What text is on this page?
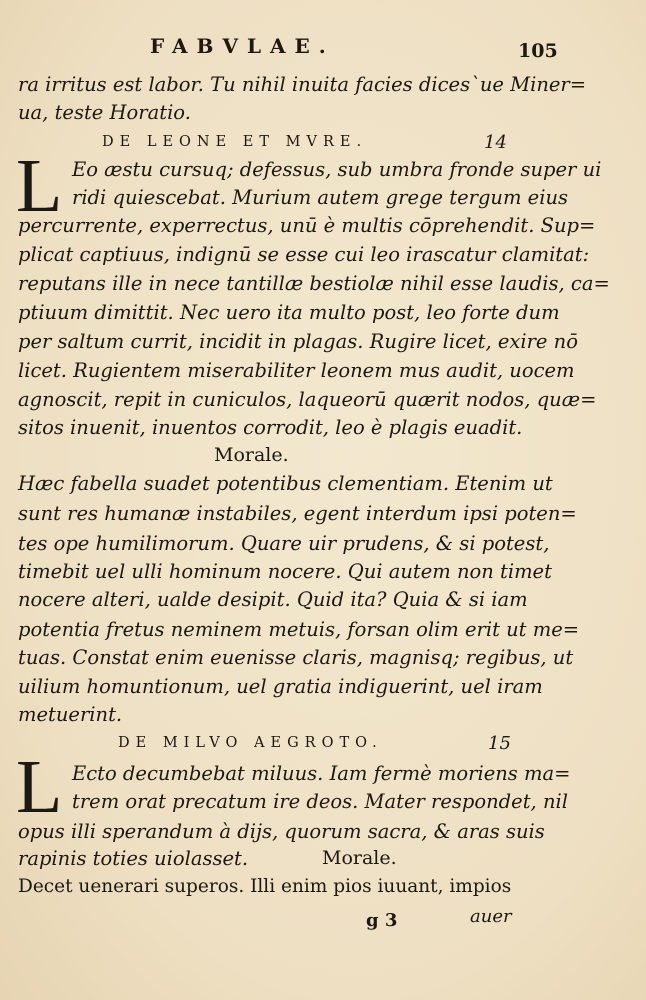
FABVLAE.	105
ra irritus est labor. Tu nihil inuita facies dices`ue Miner=
ua, teste Horatio.
DE LEONE ET MVRE.	14
L Eo æstu cursuq; defessus, sub umbra fronde super ui
ridi quiescebat. Murium autem grege tergum eius
percurrente, experrectus, unū è multis cōprehendit. Sup=
plicat captiuus, indignū se esse cui leo irascatur clamitat:
reputans ille in nece tantillæ bestiolæ nihil esse laudis, ca=
ptiuum dimittit. Nec uero ita multo post, leo forte dum
per saltum currit, incidit in plagas. Rugire licet, exire nō
licet. Rugientem miserabiliter leonem mus audit, uocem
agnoscit, repit in cuniculos, laqueorū quærit nodos, quæ=
sitos inuenit, inuentos corrodit, leo è plagis euadit.
Morale.
Hæc fabella suadet potentibus clementiam. Etenim ut
sunt res humanæ instabiles, egent interdum ipsi poten=
tes ope humilimorum. Quare uir prudens, & si potest,
timebit uel ulli hominum nocere. Qui autem non timet
nocere alteri, ualde desipit. Quid ita? Quia & si iam
potentia fretus neminem metuis, forsan olim erit ut me=
tuas. Constat enim euenisse claris, magnisq; regibus, ut
uilium homuntionum, uel gratia indiguerint, uel iram
metuerint.
DE MILVO AEGROTO.	15
L Ecto decumbebat miluus. Iam fermè moriens ma=
trem orat precatum ire deos. Mater respondet, nil
opus illi sperandum à dijs, quorum sacra, & aras suis
rapinis toties uiolasset.	Morale.
Decet uenerari superos. Illi enim pios iuuant, impios
g 3	auer
